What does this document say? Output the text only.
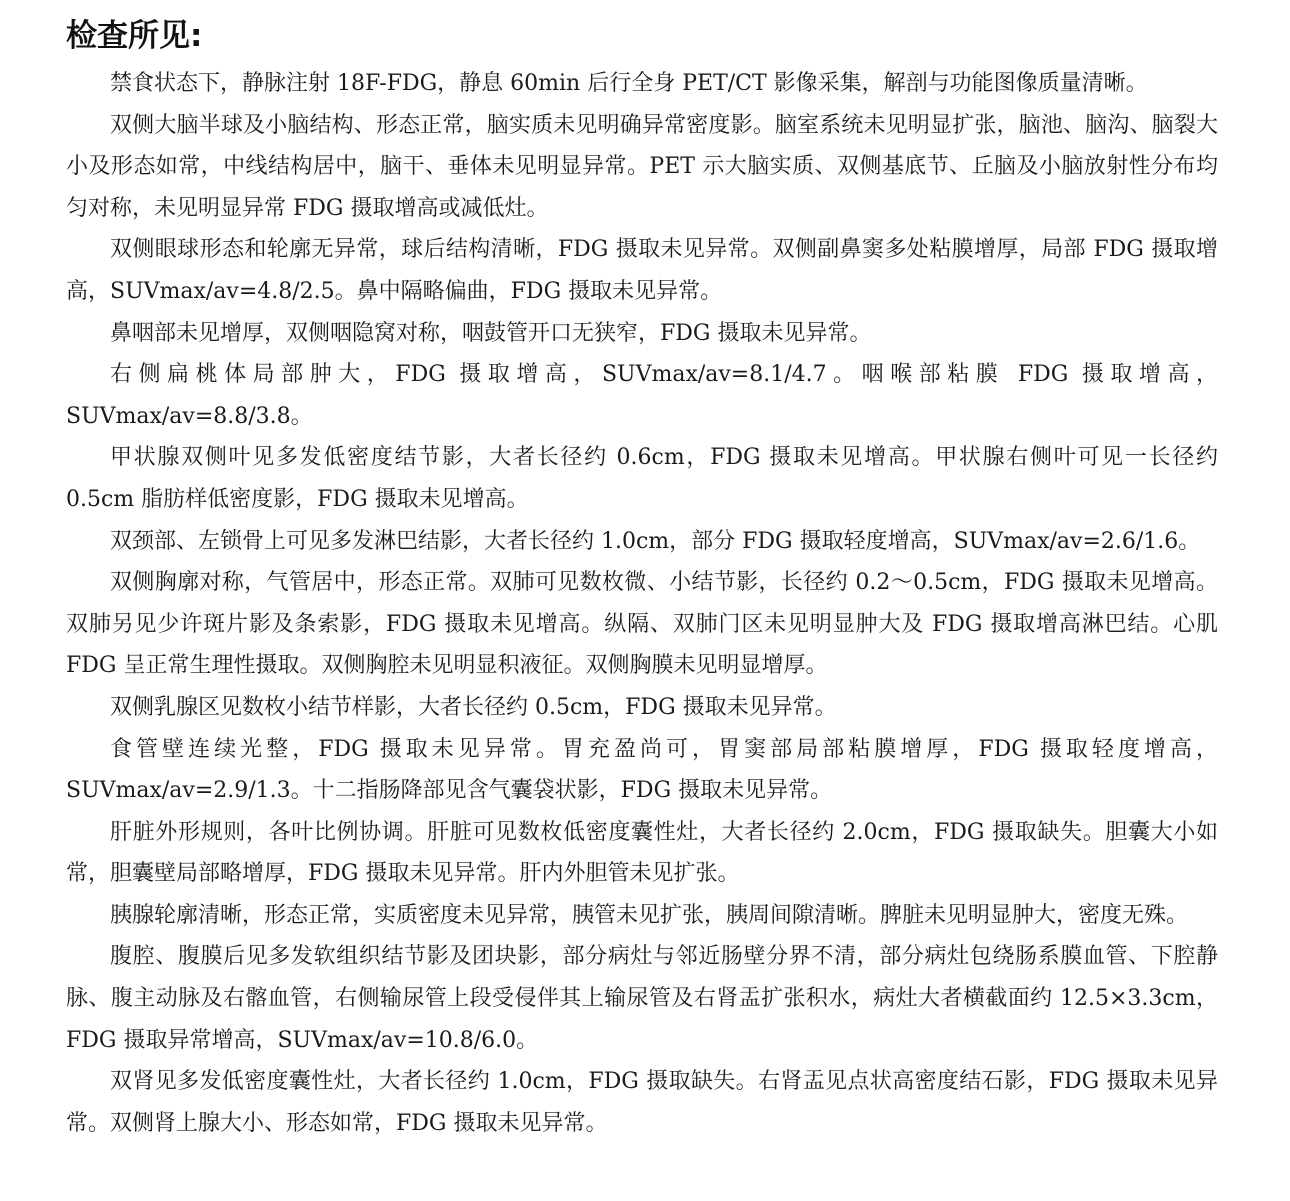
检查所见:

禁食状态下，静脉注射 18F-FDG，静息 60min 后行全身 PET/CT 影像采集，解剖与功能图像质量清晰。

双侧大脑半球及小脑结构、形态正常，脑实质未见明确异常密度影。脑室系统未见明显扩张，脑池、脑沟、脑裂大小及形态如常，中线结构居中，脑干、垂体未见明显异常。PET 示大脑实质、双侧基底节、丘脑及小脑放射性分布均匀对称，未见明显异常 FDG 摄取增高或减低灶。

双侧眼球形态和轮廓无异常，球后结构清晰，FDG 摄取未见异常。双侧副鼻窦多处粘膜增厚，局部 FDG 摄取增高，SUVmax/av=4.8/2.5。鼻中隔略偏曲，FDG 摄取未见异常。

鼻咽部未见增厚，双侧咽隐窝对称，咽鼓管开口无狭窄，FDG 摄取未见异常。

右侧扁桃体局部肿大，FDG 摄取增高，SUVmax/av=8.1/4.7。咽喉部粘膜 FDG 摄取增高，SUVmax/av=8.8/3.8。

甲状腺双侧叶见多发低密度结节影，大者长径约 0.6cm，FDG 摄取未见增高。甲状腺右侧叶可见一长径约 0.5cm 脂肪样低密度影，FDG 摄取未见增高。

双颈部、左锁骨上可见多发淋巴结影，大者长径约 1.0cm，部分 FDG 摄取轻度增高，SUVmax/av=2.6/1.6。

双侧胸廓对称，气管居中，形态正常。双肺可见数枚微、小结节影，长径约 0.2～0.5cm，FDG 摄取未见增高。双肺另见少许斑片影及条索影，FDG 摄取未见增高。纵隔、双肺门区未见明显肿大及 FDG 摄取增高淋巴结。心肌 FDG 呈正常生理性摄取。双侧胸腔未见明显积液征。双侧胸膜未见明显增厚。

双侧乳腺区见数枚小结节样影，大者长径约 0.5cm，FDG 摄取未见异常。

食管壁连续光整，FDG 摄取未见异常。胃充盈尚可，胃窦部局部粘膜增厚，FDG 摄取轻度增高，SUVmax/av=2.9/1.3。十二指肠降部见含气囊袋状影，FDG 摄取未见异常。

肝脏外形规则，各叶比例协调。肝脏可见数枚低密度囊性灶，大者长径约 2.0cm，FDG 摄取缺失。胆囊大小如常，胆囊壁局部略增厚，FDG 摄取未见异常。肝内外胆管未见扩张。

胰腺轮廓清晰，形态正常，实质密度未见异常，胰管未见扩张，胰周间隙清晰。脾脏未见明显肿大，密度无殊。

腹腔、腹膜后见多发软组织结节影及团块影，部分病灶与邻近肠壁分界不清，部分病灶包绕肠系膜血管、下腔静脉、腹主动脉及右髂血管，右侧输尿管上段受侵伴其上输尿管及右肾盂扩张积水，病灶大者横截面约 12.5×3.3cm，FDG 摄取异常增高，SUVmax/av=10.8/6.0。

双肾见多发低密度囊性灶，大者长径约 1.0cm，FDG 摄取缺失。右肾盂见点状高密度结石影，FDG 摄取未见异常。双侧肾上腺大小、形态如常，FDG 摄取未见异常。
